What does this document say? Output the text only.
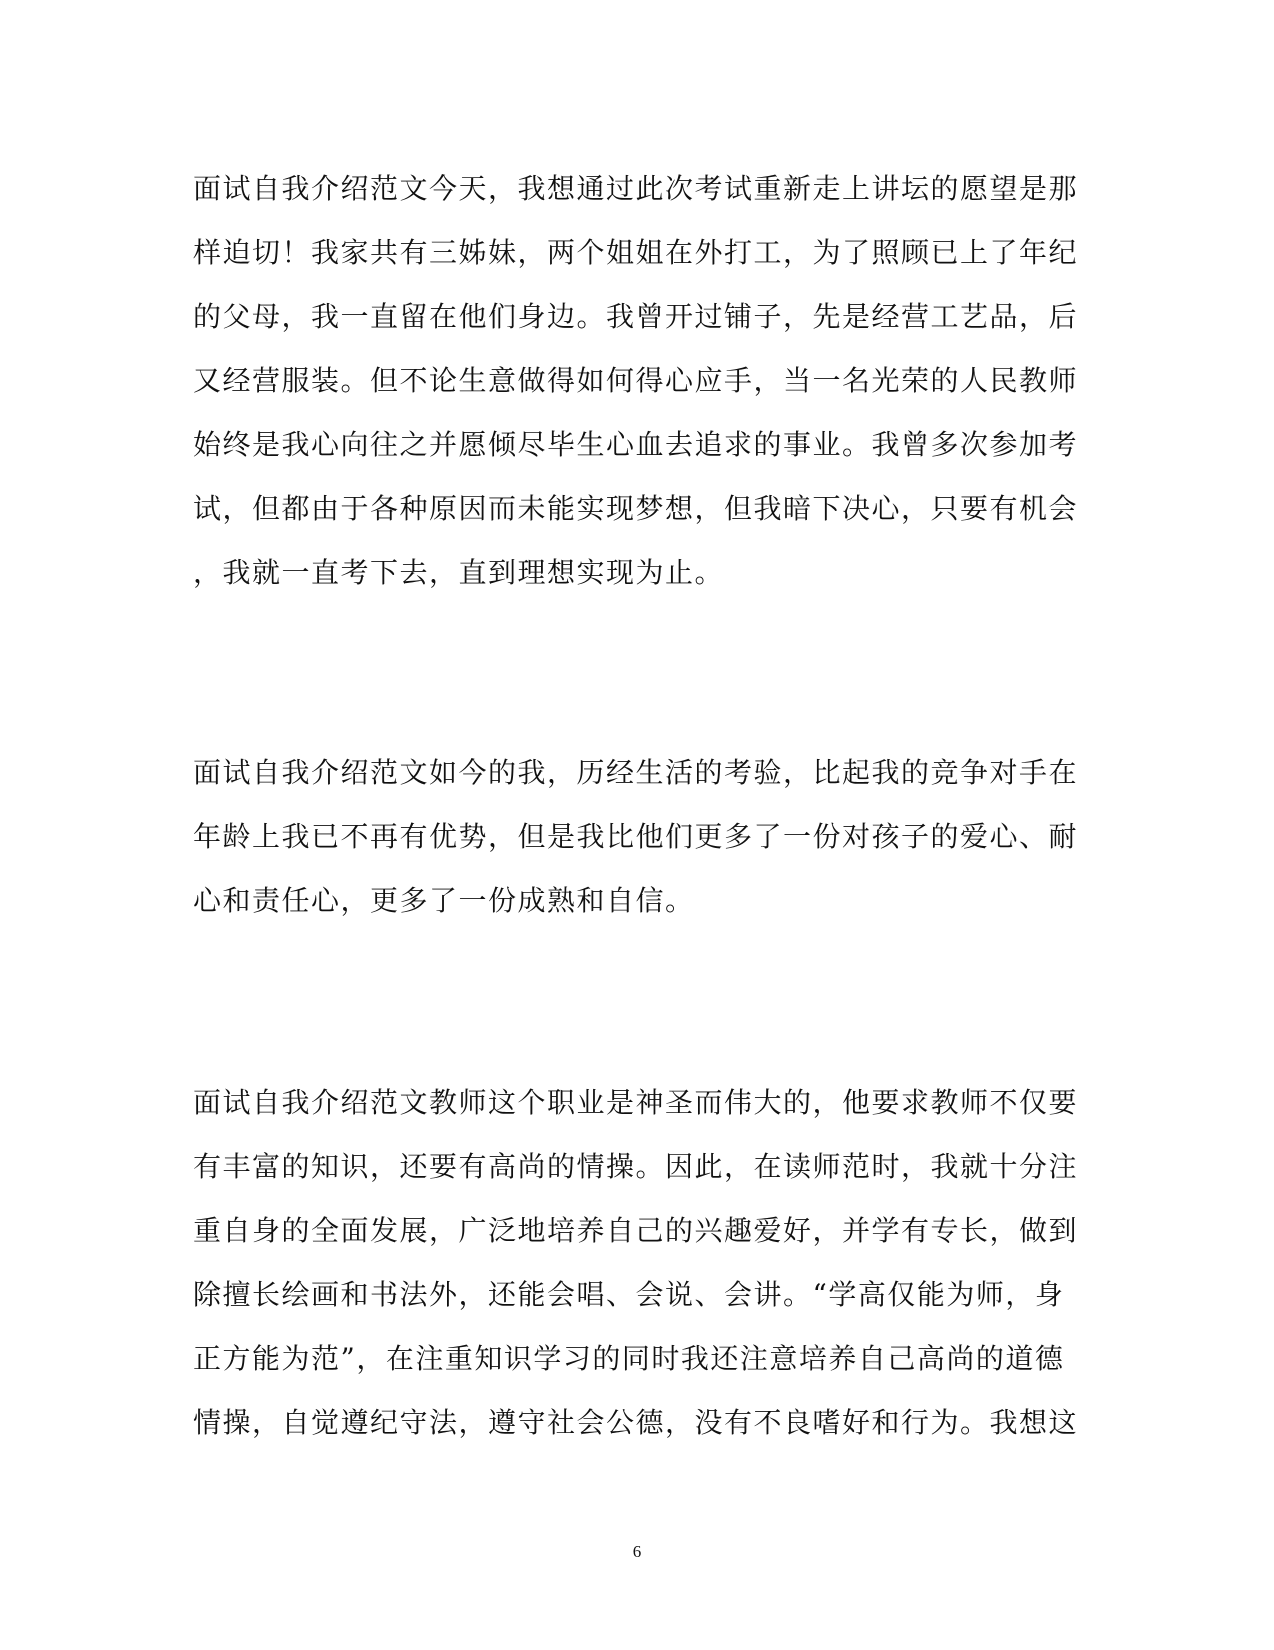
面试自我介绍范文今天，我想通过此次考试重新走上讲坛的愿望是那
样迫切！我家共有三姊妹，两个姐姐在外打工，为了照顾已上了年纪
的父母，我一直留在他们身边。我曾开过铺子，先是经营工艺品，后
又经营服装。但不论生意做得如何得心应手，当一名光荣的人民教师
始终是我心向往之并愿倾尽毕生心血去追求的事业。我曾多次参加考
试，但都由于各种原因而未能实现梦想，但我暗下决心，只要有机会
，我就一直考下去，直到理想实现为止。

面试自我介绍范文如今的我，历经生活的考验，比起我的竞争对手在
年龄上我已不再有优势，但是我比他们更多了一份对孩子的爱心、耐
心和责任心，更多了一份成熟和自信。

面试自我介绍范文教师这个职业是神圣而伟大的，他要求教师不仅要
有丰富的知识，还要有高尚的情操。因此，在读师范时，我就十分注
重自身的全面发展，广泛地培养自己的兴趣爱好，并学有专长，做到
除擅长绘画和书法外，还能会唱、会说、会讲。“学高仅能为师，身
正方能为范”，在注重知识学习的同时我还注意培养自己高尚的道德
情操，自觉遵纪守法，遵守社会公德，没有不良嗜好和行为。我想这

6
